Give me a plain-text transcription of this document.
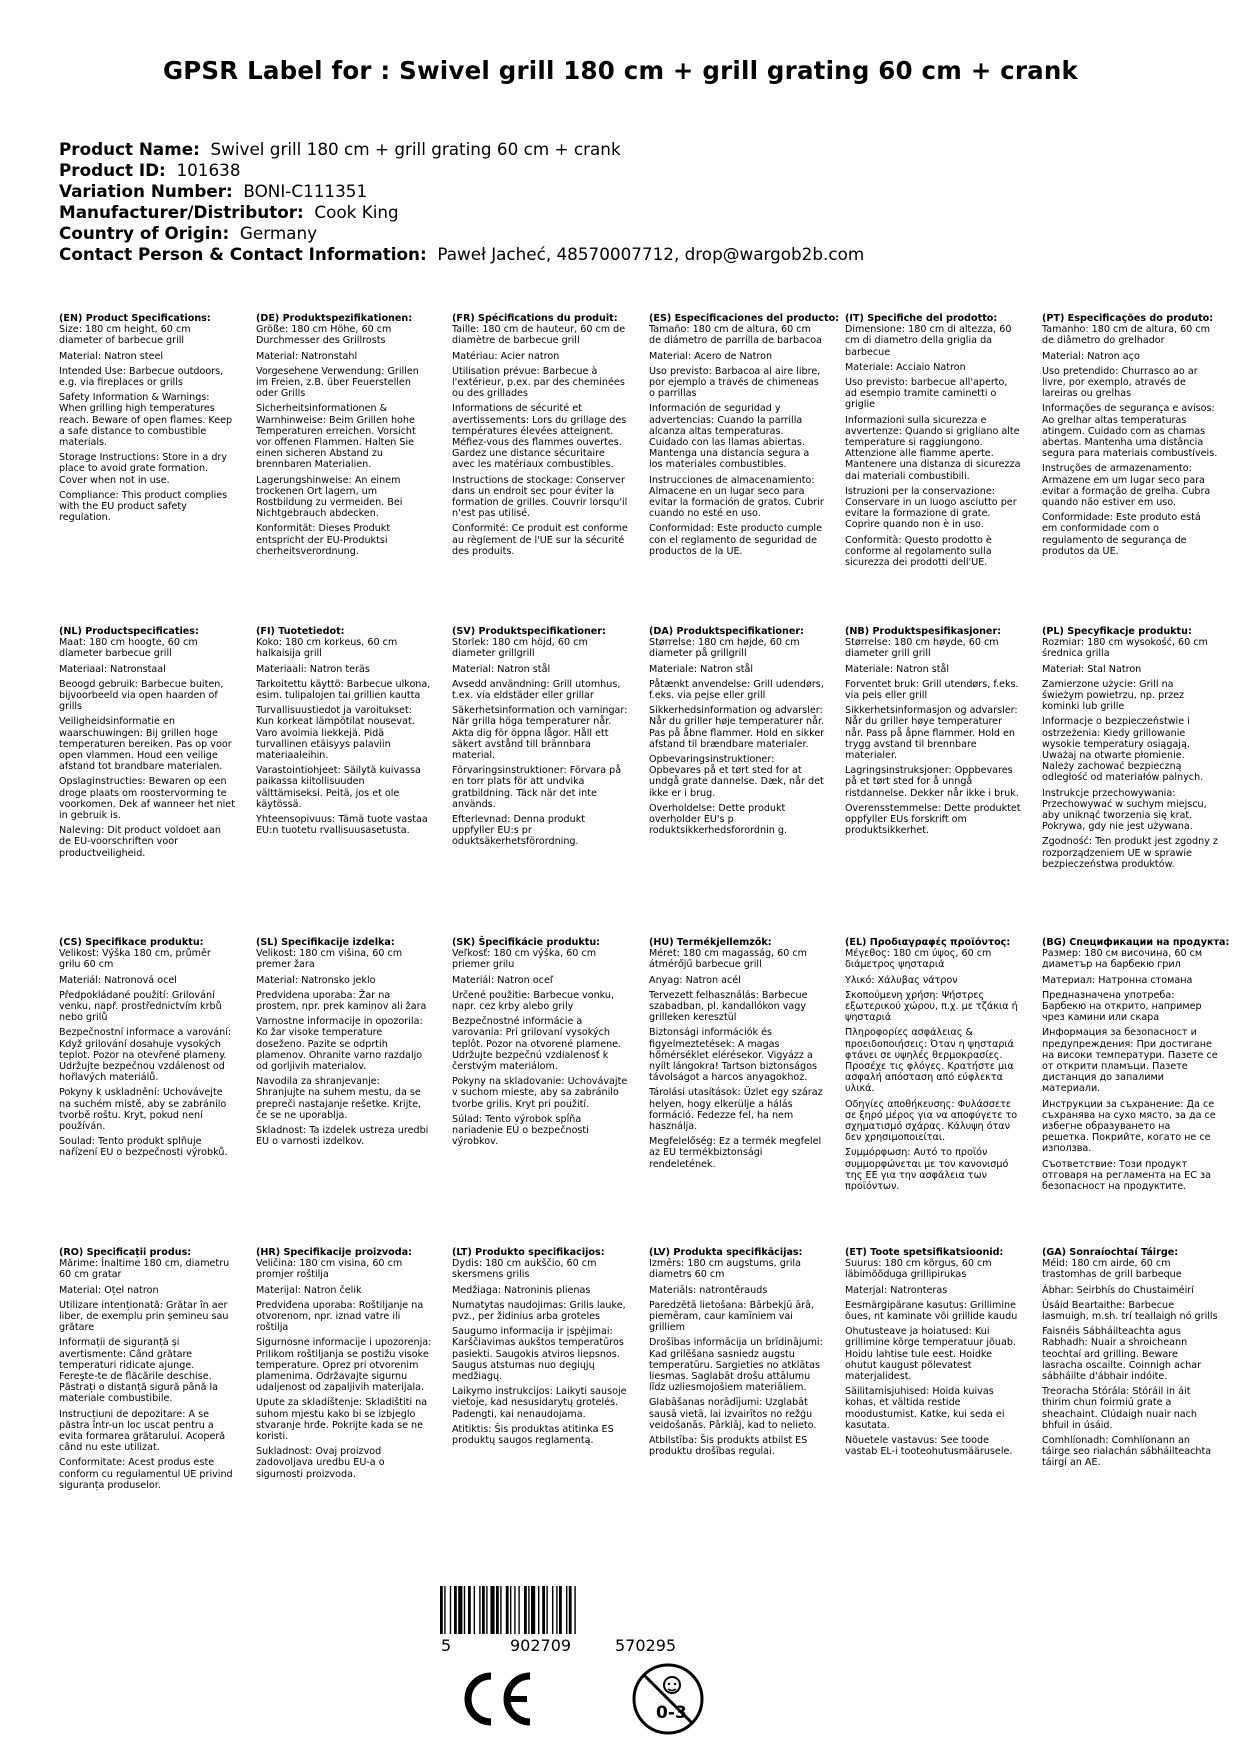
GPSR Label for : Swivel grill 180 cm + grill grating 60 cm + crank
Product Name: Swivel grill 180 cm + grill grating 60 cm + crank
Product ID: 101638
Variation Number: BONI-C111351
Manufacturer/Distributor: Cook King
Country of Origin: Germany
Contact Person & Contact Information: Paweł Jacheć, 48570007712, drop@wargob2b.com
(EN) Product Specifications:
Size: 180 cm height, 60 cm diameter of barbecue grill
Material: Natron steel
Intended Use: Barbecue outdoors, e.g. via fireplaces or grills
Safety Information & Warnings: When grilling high temperatures reach. Beware of open flames. Keep a safe distance to combustible materials.
Storage Instructions: Store in a dry place to avoid grate formation. Cover when not in use.
Compliance: This product complies with the EU product safety regulation.
(DE) Produktspezifikationen:
Größe: 180 cm Höhe, 60 cm Durchmesser des Grillrosts
Material: Natronstahl
Vorgesehene Verwendung: Grillen im Freien, z.B. über Feuerstellen oder Grills
Sicherheitsinformationen & Warnhinweise: Beim Grillen hohe Temperaturen erreichen. Vorsicht vor offenen Flammen. Halten Sie einen sicheren Abstand zu brennbaren Materialien.
Lagerungshinweise: An einem trockenen Ort lagern, um Rostbildung zu vermeiden. Bei Nichtgebrauch abdecken.
Konformität: Dieses Produkt entspricht der EU-Produktsi cherheitsverordnung.
(FR) Spécifications du produit:
Taille: 180 cm de hauteur, 60 cm de diamètre de barbecue grill
Matériau: Acier natron
Utilisation prévue: Barbecue à l'extérieur, p.ex. par des cheminées ou des grillades
Informations de sécurité et avertissements: Lors du grillage des températures élevées atteignent. Méfiez-vous des flammes ouvertes. Gardez une distance sécuritaire avec les matériaux combustibles.
Instructions de stockage: Conserver dans un endroit sec pour éviter la formation de grilles. Couvrir lorsqu'il n'est pas utilisé.
Conformité: Ce produit est conforme au règlement de l'UE sur la sécurité des produits.
(ES) Especificaciones del producto:
Tamaño: 180 cm de altura, 60 cm de diámetro de parrilla de barbacoa
Material: Acero de Natron
Uso previsto: Barbacoa al aire libre, por ejemplo a través de chimeneas o parrillas
Información de seguridad y advertencias: Cuando la parrilla alcanza altas temperaturas. Cuidado con las llamas abiertas. Mantenga una distancia segura a los materiales combustibles.
Instrucciones de almacenamiento: Almacene en un lugar seco para evitar la formación de gratos. Cubrir cuando no esté en uso.
Conformidad: Este producto cumple con el reglamento de seguridad de productos de la UE.
(IT) Specifiche del prodotto:
Dimensione: 180 cm di altezza, 60 cm di diametro della griglia da barbecue
Materiale: Acciaio Natron
Uso previsto: barbecue all'aperto, ad esempio tramite caminetti o griglie
Informazioni sulla sicurezza e avvertenze: Quando si grigliano alte temperature si raggiungono. Attenzione alle fiamme aperte. Mantenere una distanza di sicurezza dai materiali combustibili.
Istruzioni per la conservazione: Conservare in un luogo asciutto per evitare la formazione di grate. Coprire quando non è in uso.
Conformità: Questo prodotto è conforme al regolamento sulla sicurezza dei prodotti dell'UE.
(PT) Especificações do produto:
Tamanho: 180 cm de altura, 60 cm de diâmetro do grelhador
Material: Natron aço
Uso pretendido: Churrasco ao ar livre, por exemplo, através de lareiras ou grelhas
Informações de segurança e avisos: Ao grelhar altas temperaturas atingem. Cuidado com as chamas abertas. Mantenha uma distância segura para materiais combustíveis.
Instruções de armazenamento: Armazene em um lugar seco para evitar a formação de grelha. Cubra quando não estiver em uso.
Conformidade: Este produto está em conformidade com o regulamento de segurança de produtos da UE.
(NL) Productspecificaties:
Maat: 180 cm hoogte, 60 cm diameter barbecue grill
Materiaal: Natronstaal
Beoogd gebruik: Barbecue buiten, bijvoorbeeld via open haarden of grills
Veiligheidsinformatie en waarschuwingen: Bij grillen hoge temperaturen bereiken. Pas op voor open vlammen. Houd een veilige afstand tot brandbare materialen.
Opslaginstructies: Bewaren op een droge plaats om roostervorming te voorkomen. Dek af wanneer het niet in gebruik is.
Naleving: Dit product voldoet aan de EU-voorschriften voor productveiligheid.
(FI) Tuotetiedot:
Koko: 180 cm korkeus, 60 cm halkaisija grill
Materiaali: Natron teräs
Tarkoitettu käyttö: Barbecue ulkona, esim. tulipalojen tai grillien kautta
Turvallisuustiedot ja varoitukset: Kun korkeat lämpötilat nousevat. Varo avoimia liekkejä. Pidä turvallinen etäisyys palaviin materiaaleihin.
Varastointiohjeet: Säilytä kuivassa paikassa kiitollisuuden välttämiseksi. Peitä, jos et ole käytössä.
Yhteensopivuus: Tämä tuote vastaa EU:n tuotetu rvallisuusasetusta.
(SV) Produktspecifikationer:
Storlek: 180 cm höjd, 60 cm diameter grillgrill
Material: Natron stål
Avsedd användning: Grill utomhus, t.ex. via eldstäder eller grillar
Säkerhetsinformation och varningar: När grilla höga temperaturer når. Akta dig för öppna lågor. Håll ett säkert avstånd till brännbara material.
Förvaringsinstruktioner: Förvara på en torr plats för att undvika gratbildning. Täck när det inte används.
Efterlevnad: Denna produkt uppfyller EU:s pr oduktsäkerhetsförordning.
(DA) Produktspecifikationer:
Størrelse: 180 cm højde, 60 cm diameter på grillgrill
Materiale: Natron stål
Påtænkt anvendelse: Grill udendørs, f.eks. via pejse eller grill
Sikkerhedsinformation og advarsler: Når du griller høje temperaturer når. Pas på åbne flammer. Hold en sikker afstand til brændbare materialer.
Opbevaringsinstruktioner: Opbevares på et tørt sted for at undgå grate dannelse. Dæk, når det ikke er i brug.
Overholdelse: Dette produkt overholder EU's p roduktsikkerhedsforordnin g.
(NB) Produktspesifikasjoner:
Størrelse: 180 cm høyde, 60 cm diameter grill grill
Materiale: Natron stål
Forventet bruk: Grill utendørs, f.eks. via peis eller grill
Sikkerhetsinformasjon og advarsler: Når du griller høye temperaturer når. Pass på åpne flammer. Hold en trygg avstand til brennbare materialer.
Lagringsinstruksjoner: Oppbevares på et tørt sted for å unngå ristdannelse. Dekker når ikke i bruk.
Overensstemmelse: Dette produktet oppfyller EUs forskrift om produktsikkerhet.
(PL) Specyfikacje produktu:
Rozmiar: 180 cm wysokość, 60 cm średnica grilla
Materiał: Stal Natron
Zamierzone użycie: Grill na świeżym powietrzu, np. przez kominki lub grille
Informacje o bezpieczeństwie i ostrzeżenia: Kiedy grillowanie wysokie temperatury osiągają. Uważaj na otwarte płomienie. Należy zachować bezpieczną odległość od materiałów palnych.
Instrukcje przechowywania: Przechowywać w suchym miejscu, aby uniknąć tworzenia się krat. Pokrywa, gdy nie jest używana.
Zgodność: Ten produkt jest zgodny z rozporządzeniem UE w sprawie bezpieczeństwa produktów.
(CS) Specifikace produktu:
Velikost: Výška 180 cm, průměr grilu 60 cm
Materiál: Natronová ocel
Předpokládané použití: Grilování venku, např. prostřednictvím krbů nebo grilů
Bezpečnostní informace a varování: Když grilování dosahuje vysokých teplot. Pozor na otevřené plameny. Udržujte bezpečnou vzdálenost od hořlavých materiálů.
Pokyny k uskladnění: Uchovávejte na suchém místě, aby se zabránilo tvorbě roštu. Kryt, pokud není používán.
Soulad: Tento produkt splňuje nařízení EU o bezpečnosti výrobků.
(SL) Specifikacije izdelka:
Velikost: 180 cm višina, 60 cm premer žara
Material: Natronsko jeklo
Predvidena uporaba: Žar na prostem, npr. prek kaminov ali žara
Varnostne informacije in opozorila: Ko žar visoke temperature doseženo. Pazite se odprtih plamenov. Ohranite varno razdaljo od gorljivih materialov.
Navodila za shranjevanje: Shranjujte na suhem mestu, da se prepreči nastajanje rešetke. Krijte, če se ne uporablja.
Skladnost: Ta izdelek ustreza uredbi EU o varnosti izdelkov.
(SK) Špecifikácie produktu:
Veľkosť: 180 cm výška, 60 cm priemer grilu
Materiál: Natron oceľ
Určené použitie: Barbecue vonku, napr. cez krby alebo grily
Bezpečnostné informácie a varovania: Pri grilovaní vysokých teplôt. Pozor na otvorené plamene. Udržujte bezpečnú vzdialenosť k čerstvým materiálom.
Pokyny na skladovanie: Uchovávajte v suchom mieste, aby sa zabránilo tvorbe grilis. Kryt pri použití.
Súlad: Tento výrobok spĺňa nariadenie EÚ o bezpečnosti výrobkov.
(HU) Termékjellemzők:
Méret: 180 cm magasság, 60 cm átmérőjű barbecue grill
Anyag: Natron acél
Tervezett felhasználás: Barbecue szabadban, pl. kandallókon vagy grilleken keresztül
Biztonsági információk és figyelmeztetések: A magas hőmérséklet elérésekor. Vigyázz a nyílt lángokra! Tartson biztonságos távolságot a harcos anyagokhoz.
Tárolási utasítások: Üzlet egy száraz helyen, hogy elkerülje a hálás formáció. Fedezze fel, ha nem használja.
Megfelelőség: Ez a termék megfelel az EU termékbiztonsági rendeletének.
(EL) Προδιαγραφές προϊόντος:
Μέγεθος: 180 cm ύψος, 60 cm διάμετρος ψησταριά
Υλικό: Χάλυβας νάτρον
Σκοπούμενη χρήση: Ψήστρες εξωτερικού χώρου, π.χ. με τζάκια ή ψησταριά
Πληροφορίες ασφάλειας & προειδοποιήσεις: Όταν η ψησταριά φτάνει σε υψηλές θερμοκρασίες. Προσέχε τις φλόγες. Κρατήστε μια ασφαλή απόσταση από εύφλεκτα υλικά.
Οδηγίες αποθήκευσης: Φυλάσσετε σε ξηρό μέρος για να αποφύγετε το σχηματισμό σχάρας. Κάλυψη όταν δεν χρησιμοποιείται.
Συμμόρφωση: Αυτό το προϊόν συμμορφώνεται με τον κανονισμό της ΕΕ για την ασφάλεια των προϊόντων.
(BG) Спецификации на продукта:
Размер: 180 см височина, 60 см диаметър на барбекю грил
Материал: Натронна стомана
Предназначена употреба: Барбекю на открито, например чрез камини или скара
Информация за безопасност и предупреждения: При достигане на високи температури. Пазете се от открити пламъци. Пазете дистанция до запалими материали.
Инструкции за съхранение: Да се съхранява на сухо място, за да се избегне образуването на решетка. Покрийте, когато не се използва.
Съответствие: Този продукт отговаря на регламента на ЕС за безопасност на продуктите.
(RO) Specificații produs:
Mărime: Înaltime 180 cm, diametru 60 cm gratar
Material: Oțel natron
Utilizare intenționată: Grătar în aer liber, de exemplu prin șemineu sau grătare
Informații de siguranță și avertismente: Când grătare temperaturi ridicate ajunge. Fereşte-te de flăcările deschise. Păstrați o distanță sigură până la materiale combustibile.
Instrucțiuni de depozitare: A se păstra într-un loc uscat pentru a evita formarea grătarului. Acoperă când nu este utilizat.
Conformitate: Acest produs este conform cu regulamentul UE privind siguranța produselor.
(HR) Specifikacije proizvoda:
Veličina: 180 cm visina, 60 cm promjer roštilja
Materijal: Natron čelik
Predviđena uporaba: Roštiljanje na otvorenom, npr. iznad vatre ili roštilja
Sigurnosne informacije i upozorenja: Prilikom roštiljanja se postižu visoke temperature. Oprez pri otvorenim plamenima. Održavajte sigurnu udaljenost od zapaljivih materijala.
Upute za skladištenje: Skladištiti na suhom mjestu kako bi se izbjeglo stvaranje hrđe. Pokrijte kada se ne koristi.
Sukladnost: Ovaj proizvod zadovoljava uredbu EU-a o sigurnosti proizvoda.
(LT) Produkto specifikacijos:
Dydis: 180 cm aukščio, 60 cm skersmens grilis
Medžiaga: Natroninis plienas
Numatytas naudojimas: Grilis lauke, pvz., per židinius arba groteles
Saugumo informacija ir įspėjimai: Karščiavimas aukštos temperatūros pasiekti. Saugokis atviros liepsnos. Saugus atstumas nuo degiųjų medžiagų.
Laikymo instrukcijos: Laikyti sausoje vietoje, kad nesusidarytų grotelės. Padengti, kai nenaudojama.
Atitiktis: Šis produktas atitinka ES produktų saugos reglamentą.
(LV) Produkta specifikācijas:
Izmērs: 180 cm augstums, grila diametrs 60 cm
Materiāls: natrontērauds
Paredzētā lietošana: Bārbekjū ārā, piemēram, caur kamīniem vai grilliem
Drošības informācija un brīdinājumi: Kad grilēšana sasniedz augstu temperatūru. Sargieties no atklātas liesmas. Saglabāt drošu attālumu līdz uzliesmojošiem materiāliem.
Glabāšanas norādījumi: Uzglabāt sausā vietā, lai izvairītos no režģu veidošanās. Pārklāj, kad to nelieto.
Atbilstība: Šis produkts atbilst ES produktu drošības regulai.
(ET) Toote spetsifikatsioonid:
Suurus: 180 cm kõrgus, 60 cm läbimõõduga grillipirukas
Materjal: Natronteras
Eesmärgipärane kasutus: Grillimine õues, nt kaminate või grillide kaudu
Ohutusteave ja hoiatused: Kui grillimine kõrge temperatuur jõuab. Hoidu lahtise tule eest. Hoidke ohutut kaugust põlevatest materjalidest.
Säilitamisjuhised: Hoida kuivas kohas, et vältida restide moodustumist. Katke, kui seda ei kasutata.
Nõuetele vastavus: See toode vastab EL-i tooteohutusmäärusele.
(GA) Sonraíochtaí Táirge:
Méid: 180 cm airde, 60 cm trastomhas de grill barbeque
Ábhar: Seirbhís do Chustaiméirí
Úsáid Beartaithe: Barbecue lasmuigh, m.sh. trí teallaigh nó grills
Faisnéis Sábháilteachta agus Rabhadh: Nuair a shroicheann teochtaí ard grilling. Beware lasracha oscailte. Coinnigh achar sábháilte d'ábhair indóite.
Treoracha Stórála: Stóráil in áit thirim chun foirmiú grate a sheachaint. Clúdaigh nuair nach bhfuil in úsáid.
Comhlíonadh: Comhlíonann an táirge seo rialachán sábháilteachta táirgí an AE.
5	902709	570295
0-3
